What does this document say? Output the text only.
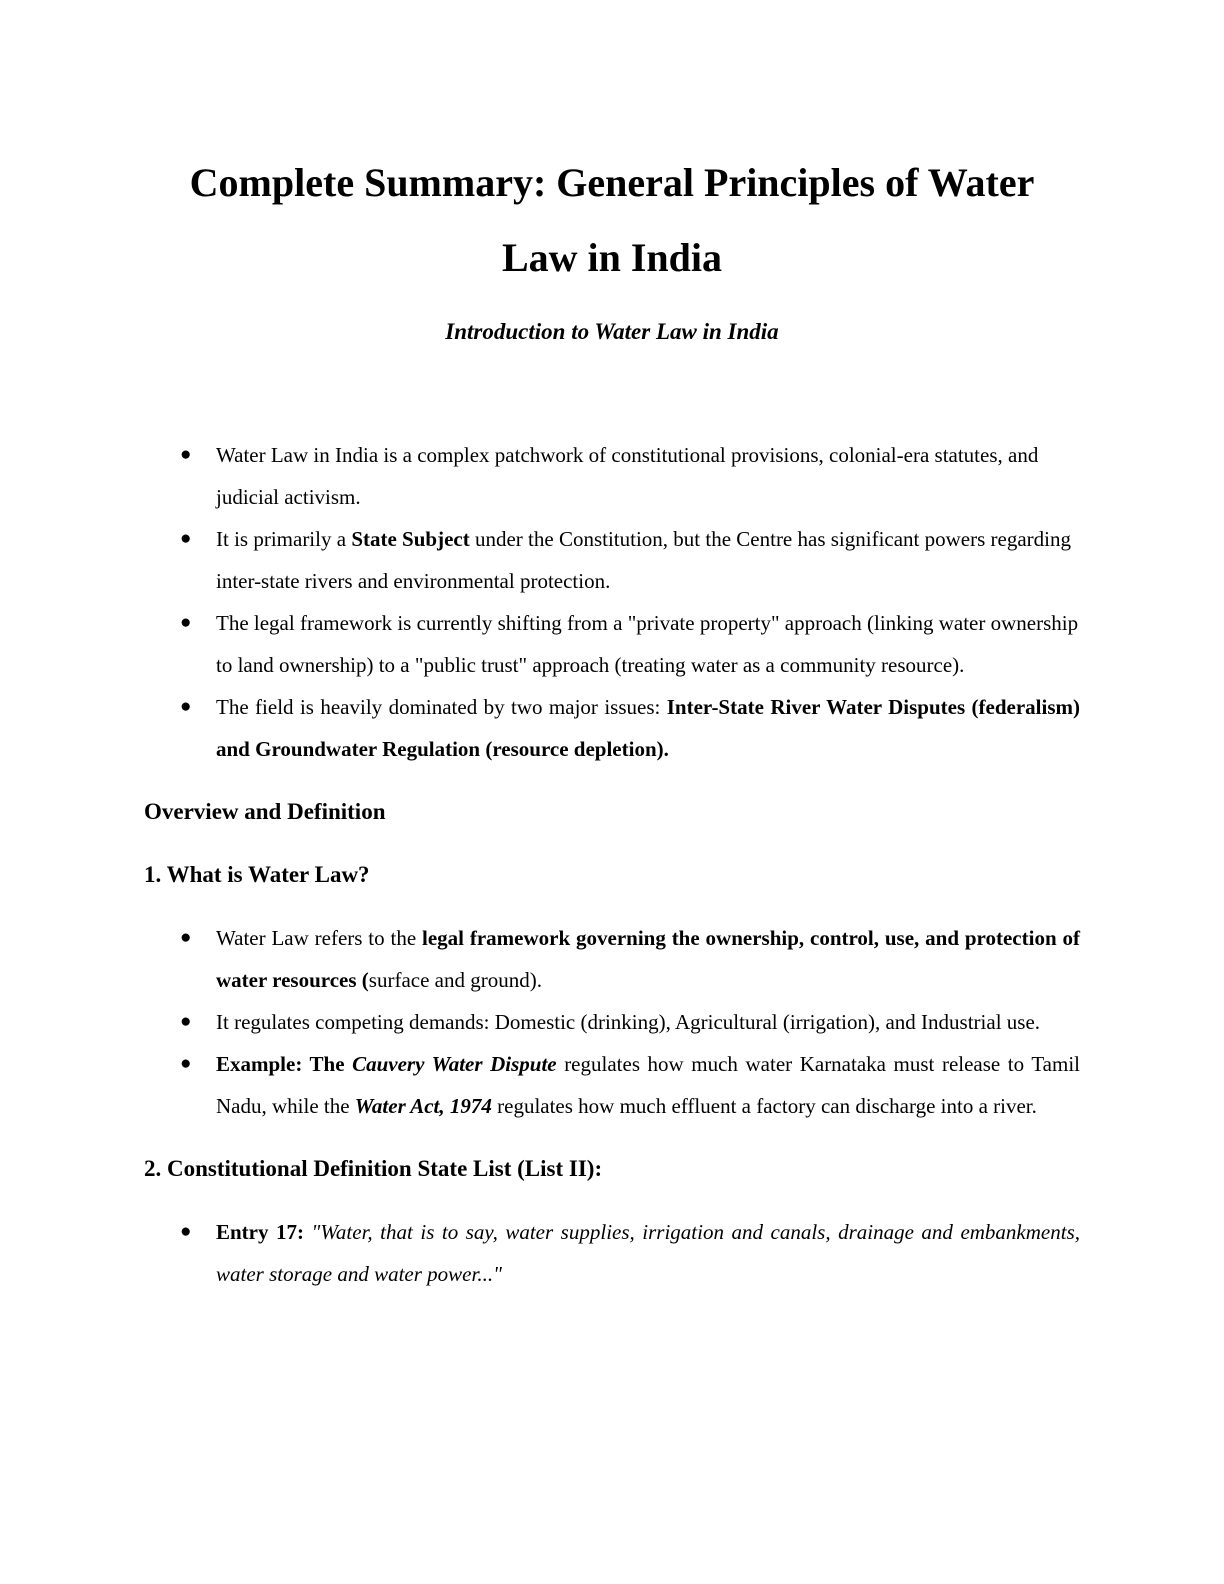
Complete Summary: General Principles of Water
Law in India
Introduction to Water Law in India
●	Water Law in India is a complex patchwork of constitutional provisions, colonial-era statutes, and judicial activism.
●	It is primarily a State Subject under the Constitution, but the Centre has significant powers regarding inter-state rivers and environmental protection.
●	The legal framework is currently shifting from a "private property" approach (linking water ownership to land ownership) to a "public trust" approach (treating water as a community resource).
●	The field is heavily dominated by two major issues: Inter-State River Water Disputes (federalism) and Groundwater Regulation (resource depletion).
Overview and Definition
1. What is Water Law?
●	Water Law refers to the legal framework governing the ownership, control, use, and protection of water resources (surface and ground).
●	It regulates competing demands: Domestic (drinking), Agricultural (irrigation), and Industrial use.
●	Example: The Cauvery Water Dispute regulates how much water Karnataka must release to Tamil Nadu, while the Water Act, 1974 regulates how much effluent a factory can discharge into a river.
2. Constitutional Definition State List (List II):
●	Entry 17: "Water, that is to say, water supplies, irrigation and canals, drainage and embankments, water storage and water power..."
